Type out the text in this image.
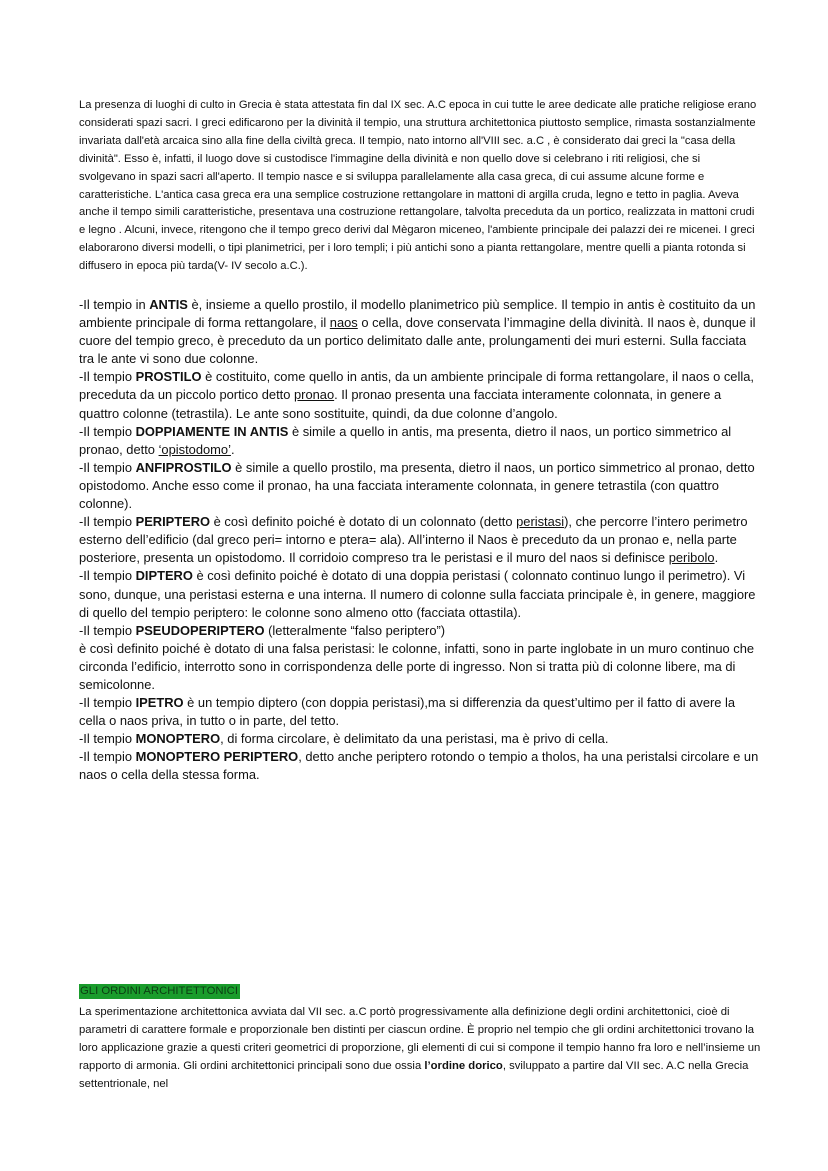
La presenza di luoghi di culto in Grecia è stata attestata fin dal IX sec. A.C epoca in cui tutte le aree dedicate alle pratiche religiose erano considerati spazi sacri. I greci edificarono per la divinità il tempio, una struttura architettonica piuttosto semplice, rimasta sostanzialmente invariata dall'età arcaica sino alla fine della civiltà greca. Il tempio, nato intorno all'VIII sec. a.C , è considerato dai greci la "casa della divinità". Esso è, infatti, il luogo dove si custodisce l'immagine della divinità e non quello dove si celebrano i riti religiosi, che si svolgevano in spazi sacri all'aperto. Il tempio nasce e si sviluppa parallelamente alla casa greca, di cui assume alcune forme e caratteristiche. L'antica casa greca era una semplice costruzione rettangolare in mattoni di argilla cruda, legno e tetto in paglia. Aveva anche il tempo simili caratteristiche, presentava una costruzione rettangolare, talvolta preceduta da un portico, realizzata in mattoni crudi e legno . Alcuni, invece, ritengono che il tempo greco derivi dal Mègaron miceneo, l'ambiente principale dei palazzi dei re micenei. I greci elaborarono diversi modelli, o tipi planimetrici, per i loro templi; i più antichi sono a pianta rettangolare, mentre quelli a pianta rotonda si diffusero in epoca più tarda(V- IV secolo a.C.).

-Il tempio in ANTIS è, insieme a quello prostilo, il modello planimetrico più semplice. Il tempio in antis è costituito da un ambiente principale di forma rettangolare, il naos o cella, dove conservata l’immagine della divinità. Il naos è, dunque il cuore del tempio greco, è preceduto da un portico delimitato dalle ante, prolungamenti dei muri esterni. Sulla facciata tra le ante vi sono due colonne.
-Il tempio PROSTILO è costituito, come quello in antis, da un ambiente principale di forma rettangolare, il naos o cella, preceduta da un piccolo portico detto pronao. Il pronao presenta una facciata interamente colonnata, in genere a quattro colonne (tetrastila). Le ante sono sostituite, quindi, da due colonne d’angolo.
-Il tempio DOPPIAMENTE IN ANTIS è simile a quello in antis, ma presenta, dietro il naos, un portico simmetrico al pronao, detto ‘opistodomo’.
-Il tempio ANFIPROSTILO è simile a quello prostilo, ma presenta, dietro il naos, un portico simmetrico al pronao, detto opistodomo. Anche esso come il pronao, ha una facciata interamente colonnata, in genere tetrastila (con quattro colonne).
-Il tempio PERIPTERO è così definito poiché è dotato di un colonnato (detto peristasi), che percorre l’intero perimetro esterno dell’edificio (dal greco peri= intorno e ptera= ala). All’interno il Naos è preceduto da un pronao e, nella parte posteriore, presenta un opistodomo. Il corridoio compreso tra le peristasi e il muro del naos si definisce peribolo.
-Il tempio DIPTERO è così definito poiché è dotato di una doppia peristasi ( colonnato continuo lungo il perimetro). Vi sono, dunque, una peristasi esterna e una interna. Il numero di colonne sulla facciata principale è, in genere, maggiore di quello del tempio periptero: le colonne sono almeno otto (facciata ottastila).
-Il tempio PSEUDOPERIPTERO (letteralmente “falso periptero”)
è così definito poiché è dotato di una falsa peristasi: le colonne, infatti, sono in parte inglobate in un muro continuo che circonda l’edificio, interrotto sono in corrispondenza delle porte di ingresso. Non si tratta più di colonne libere, ma di semicolonne.
-Il tempio IPETRO è un tempio diptero (con doppia peristasi),ma si differenzia da quest’ultimo per il fatto di avere la cella o naos priva, in tutto o in parte, del tetto.
-Il tempio MONOPTERO, di forma circolare, è delimitato da una peristasi, ma è privo di cella.
-Il tempio MONOPTERO PERIPTERO, detto anche periptero rotondo o tempio a tholos, ha una peristalsi circolare e un naos o cella della stessa forma.
GLI ORDINI ARCHITETTONICI

La sperimentazione architettonica avviata dal VII sec. a.C portò progressivamente alla definizione degli ordini architettonici, cioè di parametri di carattere formale e proporzionale ben distinti per ciascun ordine. È proprio nel tempio che gli ordini architettonici trovano la loro applicazione grazie a questi criteri geometrici di proporzione, gli elementi di cui si compone il tempio hanno fra loro e nell’insieme un rapporto di armonia. Gli ordini architettonici principali sono due ossia l’ordine dorico, sviluppato a partire dal VII sec. A.C nella Grecia settentrionale, nel
